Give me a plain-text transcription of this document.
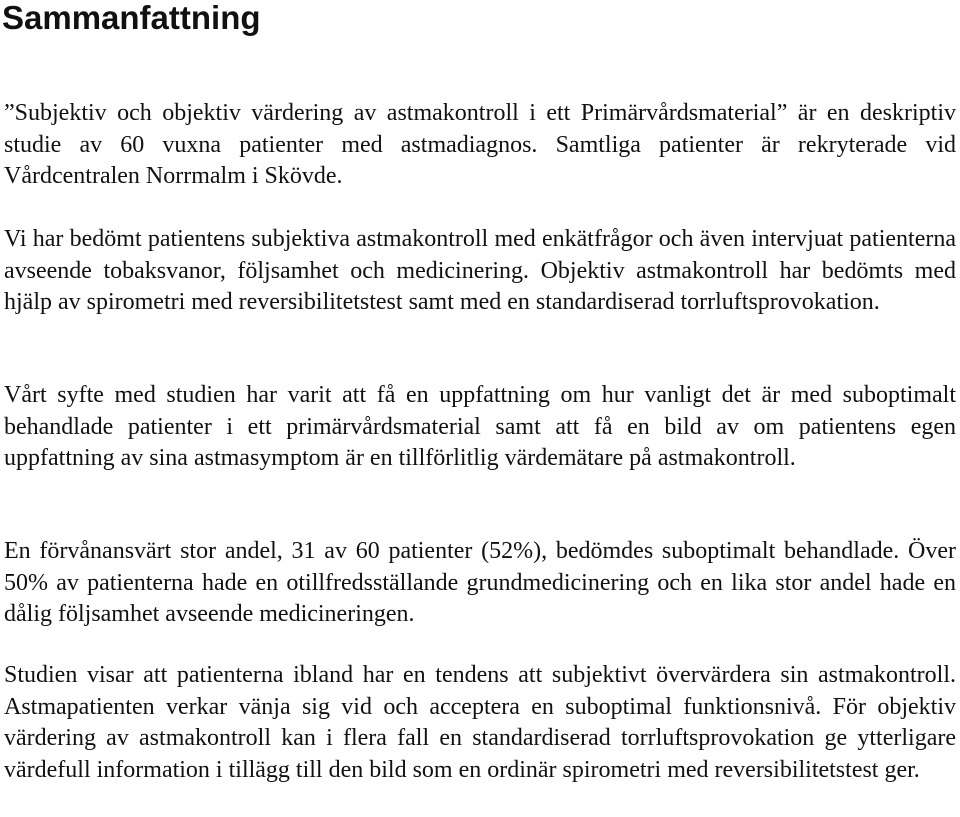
Sammanfattning

”Subjektiv och objektiv värdering av astmakontroll i ett Primärvårdsmaterial” är en deskriptiv studie av 60 vuxna patienter med astmadiagnos. Samtliga patienter är rekryterade vid Vårdcentralen Norrmalm i Skövde.

Vi har bedömt patientens subjektiva astmakontroll med enkätfrågor och även intervjuat patienterna avseende tobaksvanor, följsamhet och medicinering. Objektiv astmakontroll har bedömts med hjälp av spirometri med reversibilitetstest samt med en standardiserad torrluftsprovokation.

Vårt syfte med studien har varit att få en uppfattning om hur vanligt det är med suboptimalt behandlade patienter i ett primärvårdsmaterial samt att få en bild av om patientens egen uppfattning av sina astmasymptom är en tillförlitlig värdemätare på astmakontroll.

En förvånansvärt stor andel, 31 av 60 patienter (52%), bedömdes suboptimalt behandlade. Över 50% av patienterna hade en otillfredsställande grundmedicinering och en lika stor andel hade en dålig följsamhet avseende medicineringen.

Studien visar att patienterna ibland har en tendens att subjektivt övervärdera sin astmakontroll. Astmapatienten verkar vänja sig vid och acceptera en suboptimal funktionsnivå. För objektiv värdering av astmakontroll kan i flera fall en standardiserad torrluftsprovokation ge ytterligare värdefull information i tillägg till den bild som en ordinär spirometri med reversibilitetstest ger.
